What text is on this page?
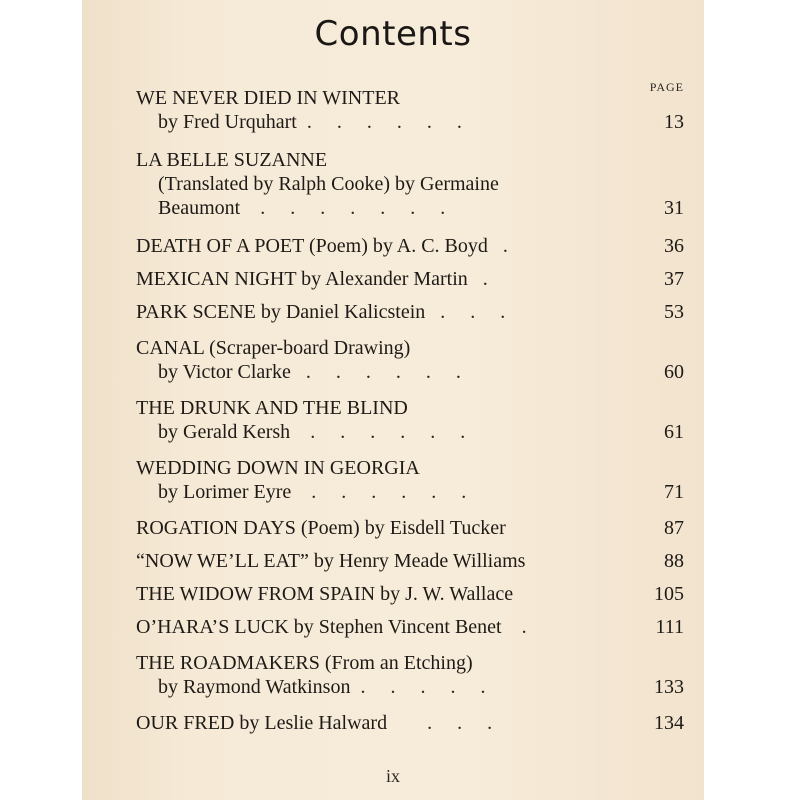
Contents
PAGE
WE NEVER DIED IN WINTER
by Fred Urquhart  .     .     .     .     .     .	13
LA BELLE SUZANNE
(Translated by Ralph Cooke) by Germaine
Beaumont    .     .     .     .     .     .     .	31
DEATH OF A POET (Poem) by A. C. Boyd   .	36
MEXICAN NIGHT by Alexander Martin   .	37
PARK SCENE by Daniel Kalicstein   .     .     .	53
CANAL (Scraper-board Drawing)
by Victor Clarke   .     .     .     .     .     .	60
THE DRUNK AND THE BLIND
by Gerald Kersh    .     .     .     .     .     .	61
WEDDING DOWN IN GEORGIA
by Lorimer Eyre    .     .     .     .     .     .	71
ROGATION DAYS (Poem) by Eisdell Tucker	87
“NOW WE’LL EAT” by Henry Meade Williams	88
THE WIDOW FROM SPAIN by J. W. Wallace	105
O’HARA’S LUCK by Stephen Vincent Benet    .	111
THE ROADMAKERS (From an Etching)
by Raymond Watkinson  .     .     .     .     .	133
OUR FRED by Leslie Halward        .     .     .	134
ix
